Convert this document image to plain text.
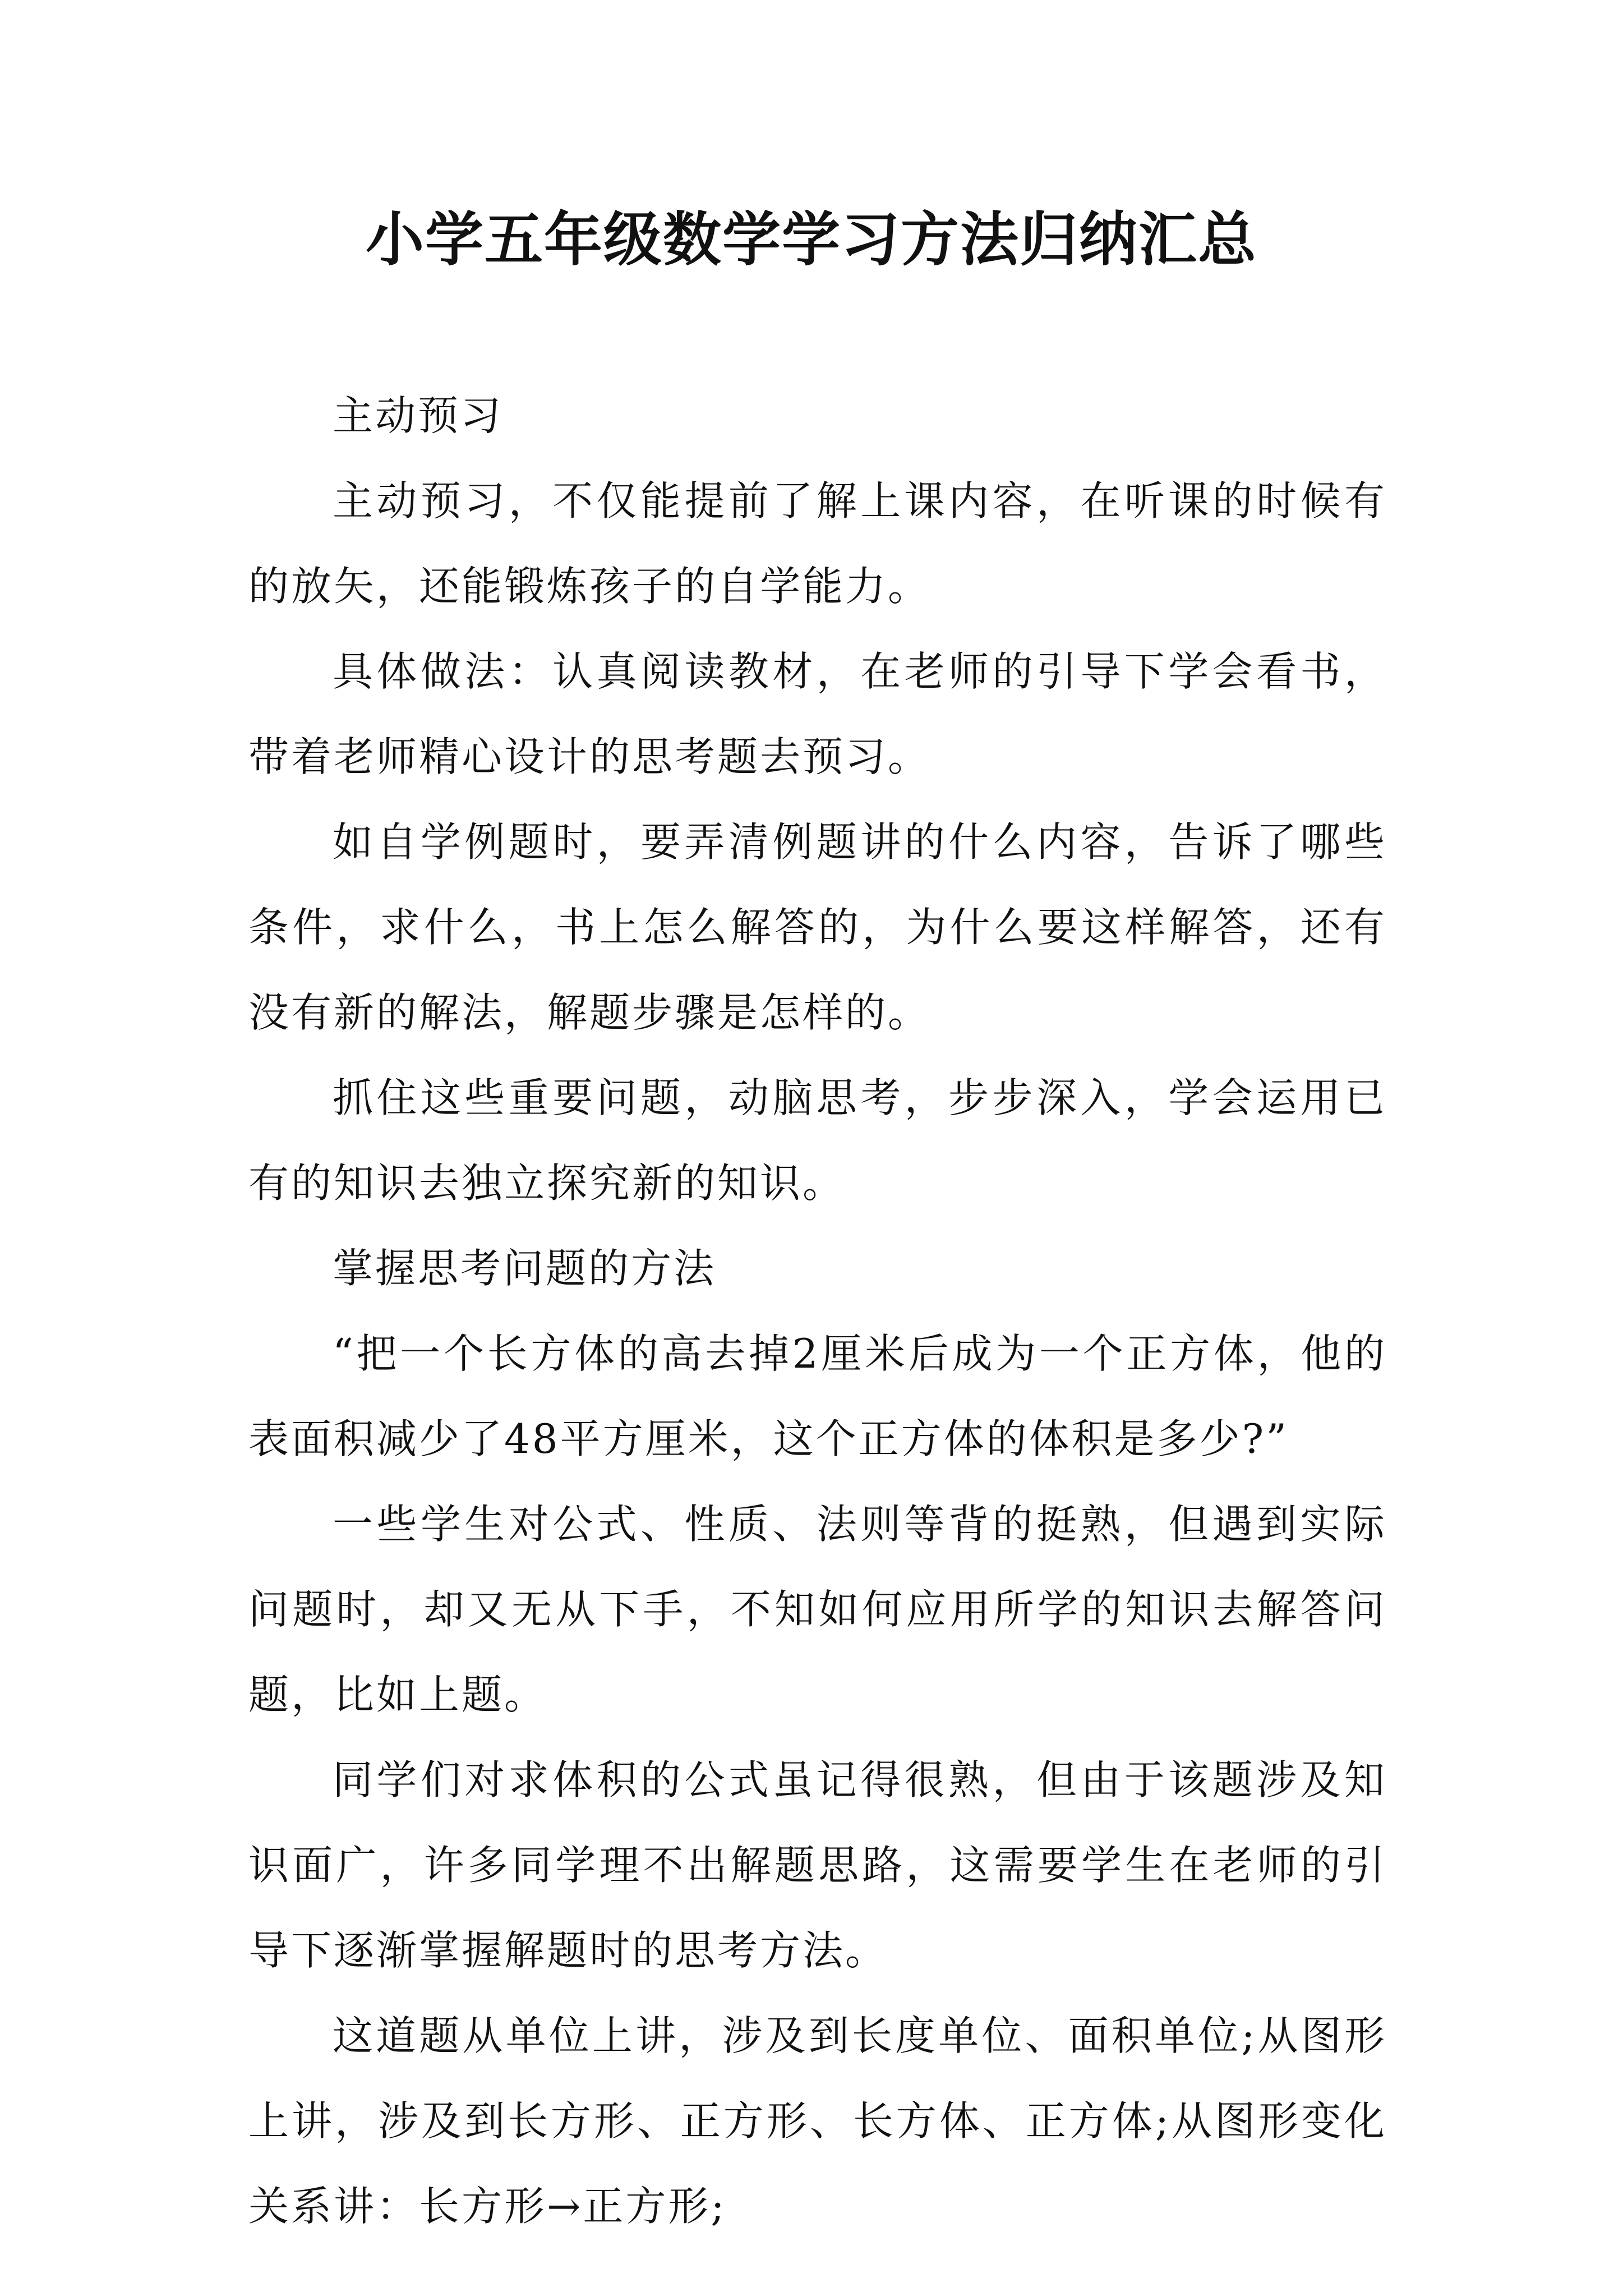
小学五年级数学学习方法归纳汇总

主动预习

主动预习，不仅能提前了解上课内容，在听课的时候有的放矢，还能锻炼孩子的自学能力。

具体做法：认真阅读教材，在老师的引导下学会看书，带着老师精心设计的思考题去预习。

如自学例题时，要弄清例题讲的什么内容，告诉了哪些条件，求什么，书上怎么解答的，为什么要这样解答，还有没有新的解法，解题步骤是怎样的。

抓住这些重要问题，动脑思考，步步深入，学会运用已有的知识去独立探究新的知识。

掌握思考问题的方法

“把一个长方体的高去掉2厘米后成为一个正方体，他的表面积减少了48平方厘米，这个正方体的体积是多少?”

一些学生对公式、性质、法则等背的挺熟，但遇到实际问题时，却又无从下手，不知如何应用所学的知识去解答问题，比如上题。

同学们对求体积的公式虽记得很熟，但由于该题涉及知识面广，许多同学理不出解题思路，这需要学生在老师的引导下逐渐掌握解题时的思考方法。

这道题从单位上讲，涉及到长度单位、面积单位;从图形上讲，涉及到长方形、正方形、长方体、正方体;从图形变化关系讲：长方形→正方形;
